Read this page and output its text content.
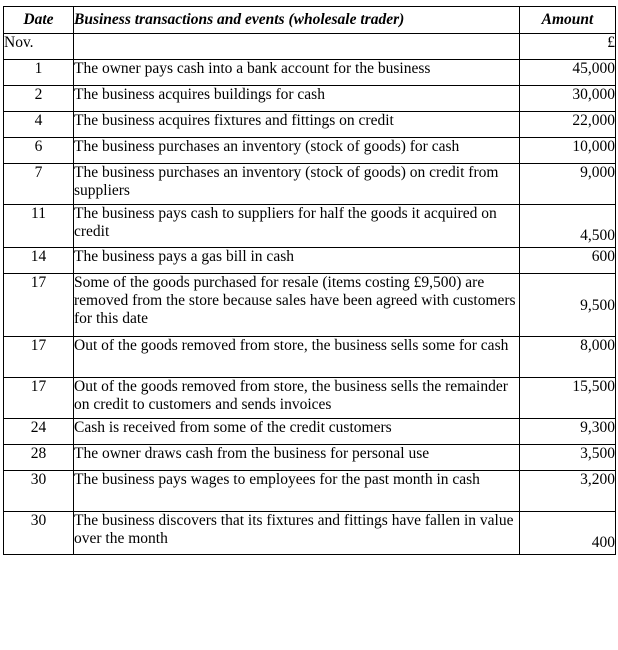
Date	Business transactions and events (wholesale trader)	Amount
Nov.		£
1	The owner pays cash into a bank account for the business	45,000
2	The business acquires buildings for cash	30,000
4	The business acquires fixtures and fittings on credit	22,000
6	The business purchases an inventory (stock of goods) for cash	10,000
7	The business purchases an inventory (stock of goods) on credit from suppliers	9,000
11	The business pays cash to suppliers for half the goods it acquired on credit	4,500
14	The business pays a gas bill in cash	600
17	Some of the goods purchased for resale (items costing £9,500) are removed from the store because sales have been agreed with customers for this date	9,500
17	Out of the goods removed from store, the business sells some for cash	8,000
17	Out of the goods removed from store, the business sells the remainder on credit to customers and sends invoices	15,500
24	Cash is received from some of the credit customers	9,300
28	The owner draws cash from the business for personal use	3,500
30	The business pays wages to employees for the past month in cash	3,200
30	The business discovers that its fixtures and fittings have fallen in value over the month	400
